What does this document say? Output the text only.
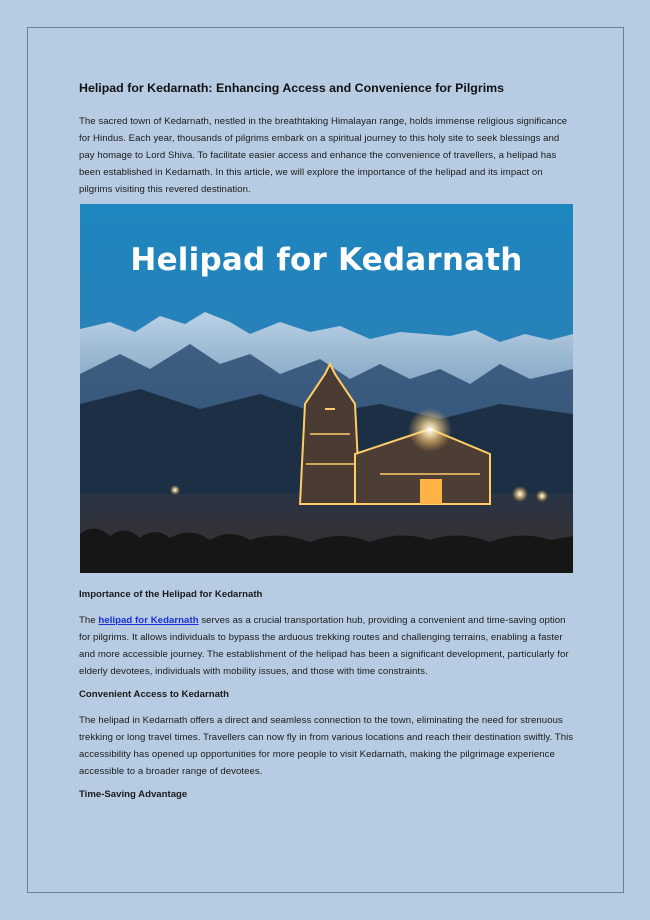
Helipad for Kedarnath: Enhancing Access and Convenience for Pilgrims

The sacred town of Kedarnath, nestled in the breathtaking Himalayan range, holds immense religious significance for Hindus. Each year, thousands of pilgrims embark on a spiritual journey to this holy site to seek blessings and pay homage to Lord Shiva. To facilitate easier access and enhance the convenience of travellers, a helipad has been established in Kedarnath. In this article, we will explore the importance of the helipad and its impact on pilgrims visiting this revered destination.

Helipad for Kedarnath
Importance of the Helipad for Kedarnath

The helipad for Kedarnath serves as a crucial transportation hub, providing a convenient and time-saving option for pilgrims. It allows individuals to bypass the arduous trekking routes and challenging terrains, enabling a faster and more accessible journey. The establishment of the helipad has been a significant development, particularly for elderly devotees, individuals with mobility issues, and those with time constraints.

Convenient Access to Kedarnath

The helipad in Kedarnath offers a direct and seamless connection to the town, eliminating the need for strenuous trekking or long travel times. Travellers can now fly in from various locations and reach their destination swiftly. This accessibility has opened up opportunities for more people to visit Kedarnath, making the pilgrimage experience accessible to a broader range of devotees.

Time-Saving Advantage
